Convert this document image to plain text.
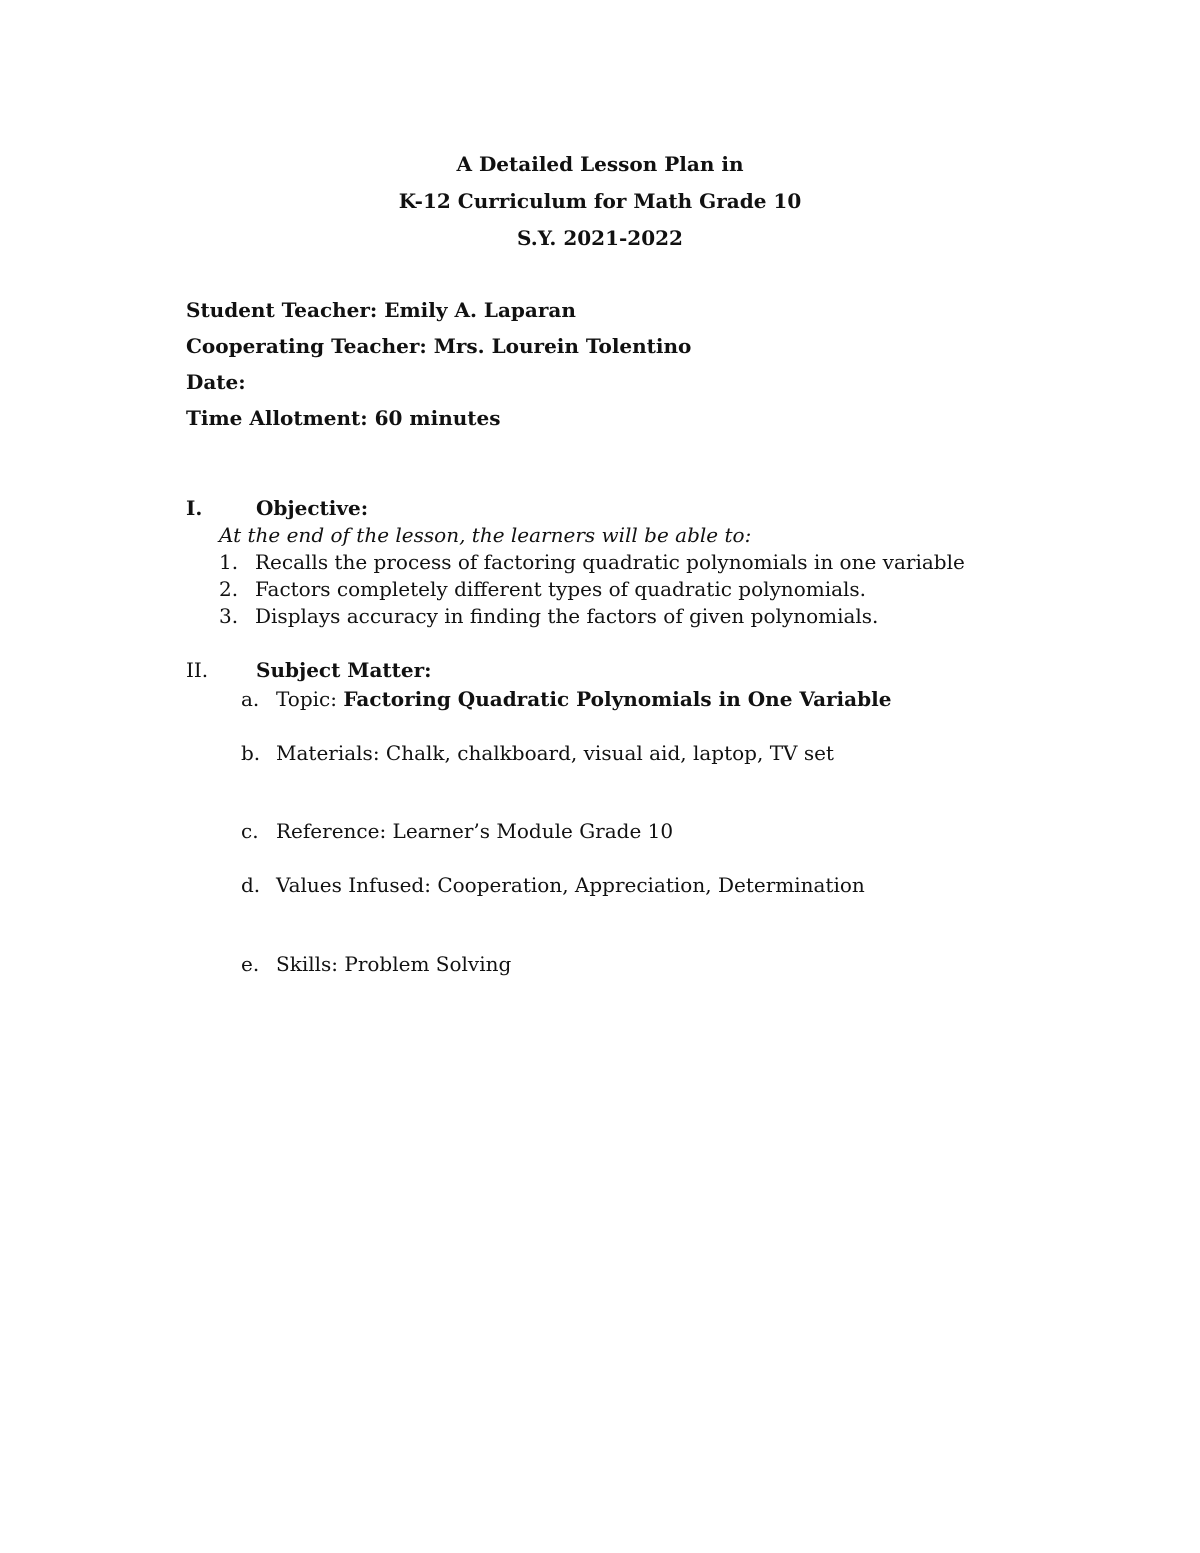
A Detailed Lesson Plan in
K-12 Curriculum for Math Grade 10
S.Y. 2021-2022
Student Teacher: Emily A. Laparan
Cooperating Teacher: Mrs. Lourein Tolentino
Date:
Time Allotment: 60 minutes
I.	Objective:
At the end of the lesson, the learners will be able to:
1. Recalls the process of factoring quadratic polynomials in one variable
2. Factors completely different types of quadratic polynomials.
3. Displays accuracy in finding the factors of given polynomials.
II. Subject Matter:
a. Topic: Factoring Quadratic Polynomials in One Variable
b. Materials: Chalk, chalkboard, visual aid, laptop, TV set
c. Reference: Learner’s Module Grade 10
d. Values Infused: Cooperation, Appreciation, Determination
e. Skills: Problem Solving
